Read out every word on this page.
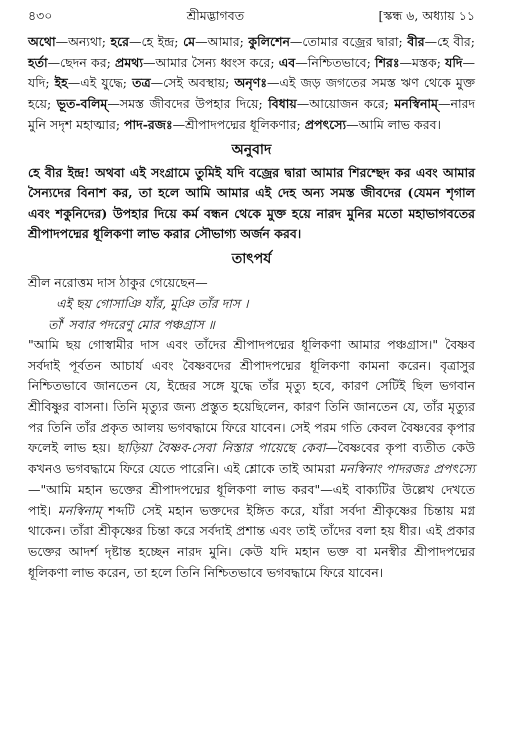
৪৩০	শ্রীমদ্ভাগবত	[স্কন্ধ ৬, অধ্যায় ১১

অথো—অন্যথা; হরে—হে ইন্দ্র; মে—আমার; কুলিশেন—তোমার বজ্রের দ্বারা; বীর—হে বীর; হর্তা—ছেদন কর; প্রমথ্য—আমার সৈন্য ধ্বংস করে; এব—নিশ্চিতভাবে; শিরঃ—মস্তক; যদি—যদি; ইহ—এই যুদ্ধে; তত্র—সেই অবস্থায়; অনৃণঃ—এই জড় জগতের সমস্ত ঋণ থেকে মুক্ত হয়ে; ভূত-বলিম্—সমস্ত জীবদের উপহার দিয়ে; বিধায়—আয়োজন করে; মনস্বিনাম্—নারদ মুনি সদৃশ মহাত্মার; পাদ-রজঃ—শ্রীপাদপদ্মের ধূলিকণার; প্রপৎস্যে—আমি লাভ করব।

অনুবাদ

হে বীর ইন্দ্র! অথবা এই সংগ্রামে তুমিই যদি বজ্রের দ্বারা আমার শিরশ্ছেদ কর এবং আমার সৈন্যদের বিনাশ কর, তা হলে আমি আমার এই দেহ অন্য সমস্ত জীবদের (যেমন শৃগাল এবং শকুনিদের) উপহার দিয়ে কর্ম বন্ধন থেকে মুক্ত হয়ে নারদ মুনির মতো মহাভাগবতের শ্রীপাদপদ্মের ধূলিকণা লাভ করার সৌভাগ্য অর্জন করব।

তাৎপর্য

শ্রীল নরোত্তম দাস ঠাকুর গেয়েছেন—

এই ছয় গোসাঞি যাঁর, মুঞি তাঁর দাস ।

তাঁ' সবার পদরেণু মোর পঞ্চগ্রাস ॥

"আমি ছয় গোস্বামীর দাস এবং তাঁদের শ্রীপাদপদ্মের ধূলিকণা আমার পঞ্চগ্রাস।" বৈষ্ণব সর্বদাই পূর্বতন আচার্য এবং বৈষ্ণবদের শ্রীপাদপদ্মের ধূলিকণা কামনা করেন। বৃত্রাসুর নিশ্চিতভাবে জানতেন যে, ইন্দ্রের সঙ্গে যুদ্ধে তাঁর মৃত্যু হবে, কারণ সেটিই ছিল ভগবান শ্রীবিষ্ণুর বাসনা। তিনি মৃত্যুর জন্য প্রস্তুত হয়েছিলেন, কারণ তিনি জানতেন যে, তাঁর মৃত্যুর পর তিনি তাঁর প্রকৃত আলয় ভগবদ্ধামে ফিরে যাবেন। সেই পরম গতি কেবল বৈষ্ণবের কৃপার ফলেই লাভ হয়। ছাড়িয়া বৈষ্ণব-সেবা নিস্তার পায়েছে কেবা—বৈষ্ণবের কৃপা ব্যতীত কেউ কখনও ভগবদ্ধামে ফিরে যেতে পারেনি। এই শ্লোকে তাই আমরা মনস্বিনাং পাদরজঃ প্রপৎস্যে—"আমি মহান ভক্তের শ্রীপাদপদ্মের ধূলিকণা লাভ করব"—এই বাক্যটির উল্লেখ দেখতে পাই। মনস্বিনাম্ শব্দটি সেই মহান ভক্তদের ইঙ্গিত করে, যাঁরা সর্বদা শ্রীকৃষ্ণের চিন্তায় মগ্ন থাকেন। তাঁরা শ্রীকৃষ্ণের চিন্তা করে সর্বদাই প্রশান্ত এবং তাই তাঁদের বলা হয় ধীর। এই প্রকার ভক্তের আদর্শ দৃষ্টান্ত হচ্ছেন নারদ মুনি। কেউ যদি মহান ভক্ত বা মনস্বীর শ্রীপাদপদ্মের ধূলিকণা লাভ করেন, তা হলে তিনি নিশ্চিতভাবে ভগবদ্ধামে ফিরে যাবেন।
